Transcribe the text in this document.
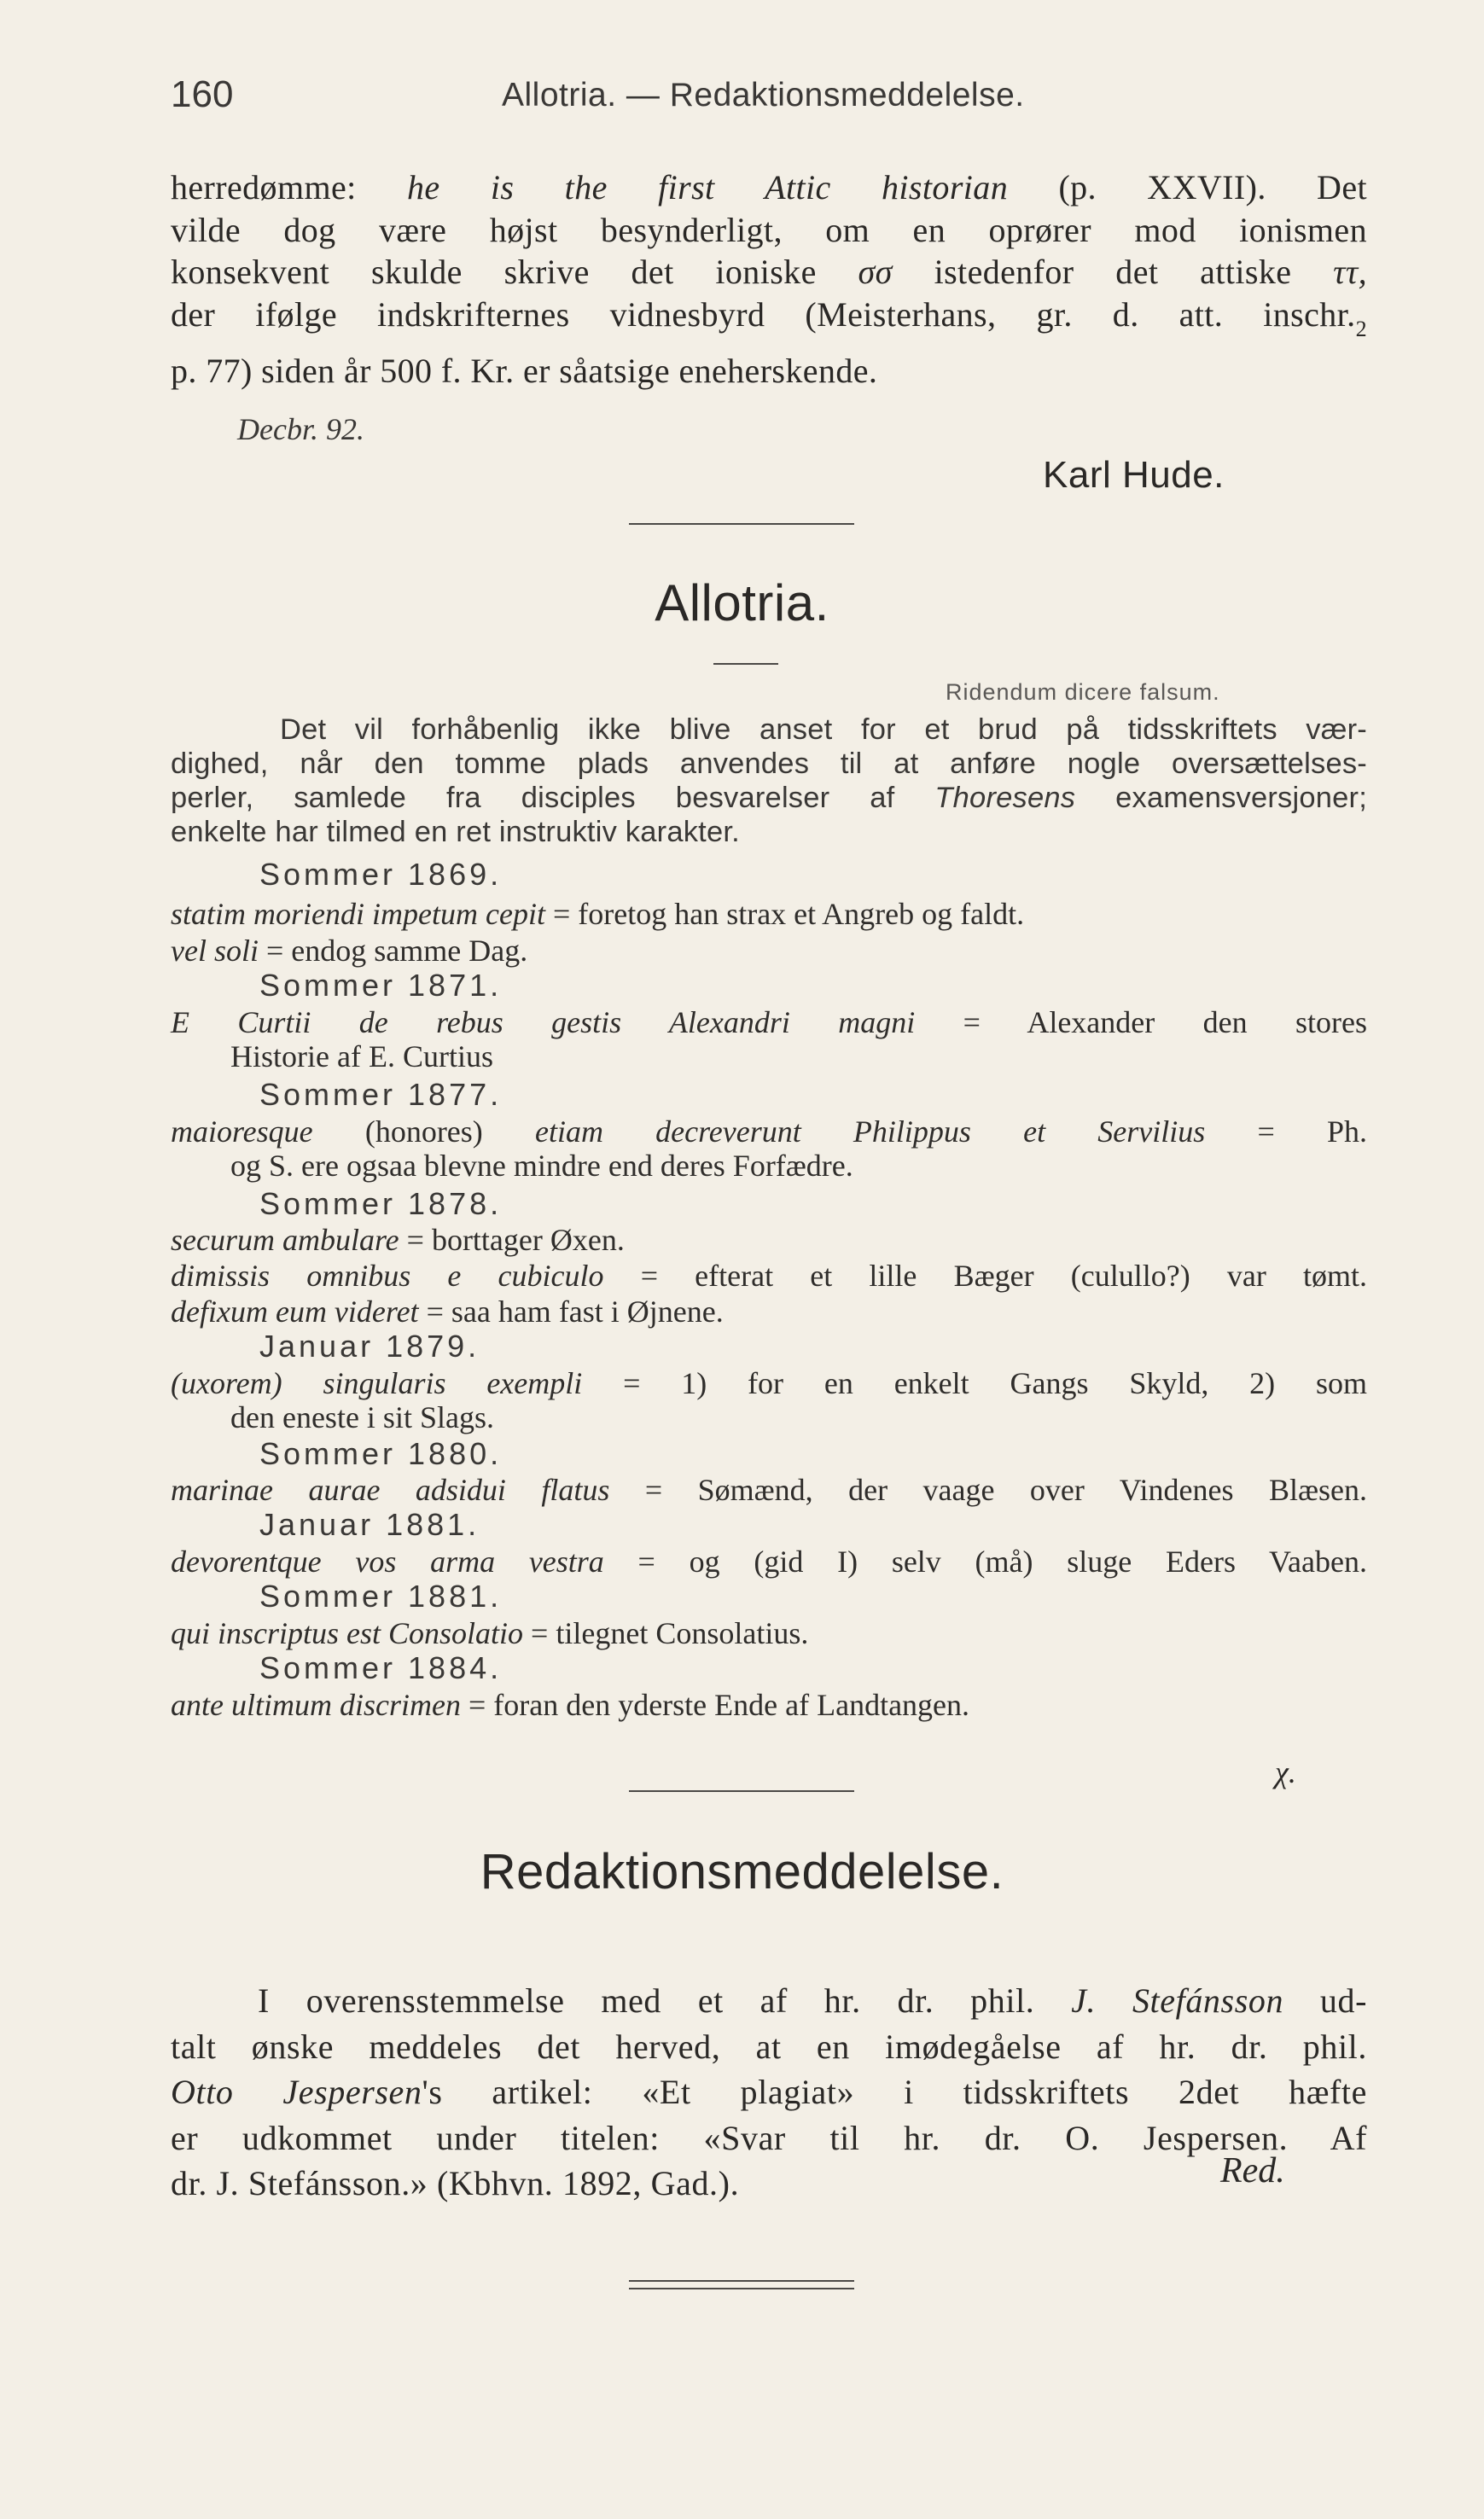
160	Allotria. — Redaktionsmeddelelse.
herredømme: he is the first Attic historian (p. XXVII). Det
vilde dog være højst besynderligt, om en oprører mod ionismen
konsekvent skulde skrive det ioniske σσ istedenfor det attiske ττ,
der ifølge indskrifternes vidnesbyrd (Meisterhans, gr. d. att. $inschr._2$
p. 77) siden år 500 f. Kr. er såatsige eneherskende.
Decbr. 92.
Karl Hude.
Allotria.
Ridendum dicere falsum.
Det vil forhåbenlig ikke blive anset for et brud på tidsskriftets vær-
dighed, når den tomme plads anvendes til at anføre nogle oversættelses-
perler, samlede fra disciples besvarelser af Thoresens examensversjoner;
enkelte har tilmed en ret instruktiv karakter.
Sommer 1869.
statim moriendi impetum cepit = foretog han strax et Angreb og faldt.
vel soli = endog samme Dag.
Sommer 1871.
E Curtii de rebus gestis Alexandri magni = Alexander den stores
Historie af E. Curtius
Sommer 1877.
maioresque (honores) etiam decreverunt Philippus et Servilius = Ph.
og S. ere ogsaa blevne mindre end deres Forfædre.
Sommer 1878.
securum ambulare = borttager Øxen.
dimissis omnibus e cubiculo = efterat et lille Bæger (culullo?) var tømt.
defixum eum videret = saa ham fast i Øjnene.
Januar 1879.
(uxorem) singularis exempli = 1) for en enkelt Gangs Skyld, 2) som
den eneste i sit Slags.
Sommer 1880.
marinae aurae adsidui flatus = Sømænd, der vaage over Vindenes Blæsen.
Januar 1881.
devorentque vos arma vestra = og (gid I) selv (må) sluge Eders Vaaben.
Sommer 1881.
qui inscriptus est Consolatio = tilegnet Consolatius.
Sommer 1884.
ante ultimum discrimen = foran den yderste Ende af Landtangen.
χ.
Redaktionsmeddelelse.
I overensstemmelse med et af hr. dr. phil. J. Stefánsson ud-
talt ønske meddeles det herved, at en imødegåelse af hr. dr. phil.
Otto Jespersen's artikel: «Et plagiat» i tidsskriftets 2det hæfte
er udkommet under titelen: «Svar til hr. dr. O. Jespersen. Af
dr. J. Stefánsson.» (Kbhvn. 1892, Gad.).	Red.
